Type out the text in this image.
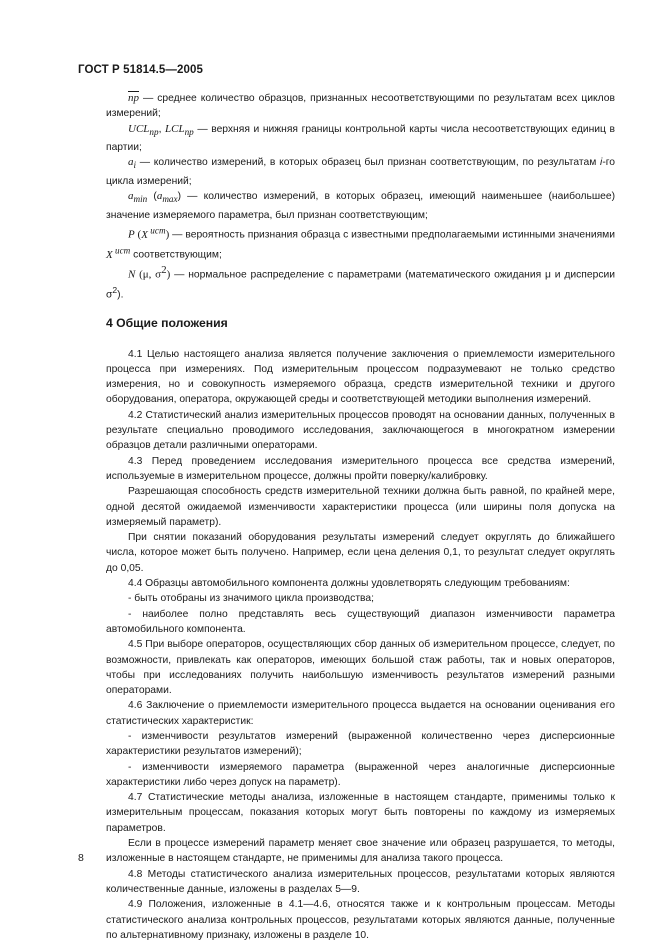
ГОСТ Р 51814.5—2005

$\overline{np}$ — среднее количество образцов, признанных несоответствующими по результатам всех циклов измерений;

$UCL_{np}$, $LCL_{np}$ — верхняя и нижняя границы контрольной карты числа несоответствующих единиц в партии;

$a_i$ — количество измерений, в которых образец был признан соответствующим, по результатам i-го цикла измерений;

$a_{min}$ $(a_{max})$ — количество измерений, в которых образец, имеющий наименьшее (наибольшее) значение измеряемого параметра, был признан соответствующим;

P (X $^{ист}$) — вероятность признания образца с известными предполагаемыми истинными значениями X $^{ист}$ соответствующим;

N (μ, $\sigma^2$) — нормальное распределение с параметрами (математического ожидания μ и дисперсии $\sigma^2$).

4 Общие положения

4.1 Целью настоящего анализа является получение заключения о приемлемости измерительного процесса при измерениях. Под измерительным процессом подразумевают не только средство измерения, но и совокупность измеряемого образца, средств измерительной техники и другого оборудования, оператора, окружающей среды и соответствующей методики выполнения измерений.

4.2 Статистический анализ измерительных процессов проводят на основании данных, полученных в результате специально проводимого исследования, заключающегося в многократном измерении образцов детали различными операторами.

4.3 Перед проведением исследования измерительного процесса все средства измерений, используемые в измерительном процессе, должны пройти поверку/калибровку.

Разрешающая способность средств измерительной техники должна быть равной, по крайней мере, одной десятой ожидаемой изменчивости характеристики процесса (или ширины поля допуска на измеряемый параметр).

При снятии показаний оборудования результаты измерений следует округлять до ближайшего числа, которое может быть получено. Например, если цена деления 0,1, то результат следует округлять до 0,05.

4.4 Образцы автомобильного компонента должны удовлетворять следующим требованиям:

- быть отобраны из значимого цикла производства;

- наиболее полно представлять весь существующий диапазон изменчивости параметра автомобильного компонента.

4.5 При выборе операторов, осуществляющих сбор данных об измерительном процессе, следует, по возможности, привлекать как операторов, имеющих большой стаж работы, так и новых операторов, чтобы при исследованиях получить наибольшую изменчивость результатов измерений разными операторами.

4.6 Заключение о приемлемости измерительного процесса выдается на основании оценивания его статистических характеристик:

- изменчивости результатов измерений (выраженной количественно через дисперсионные характеристики результатов измерений);

- изменчивости измеряемого параметра (выраженной через аналогичные дисперсионные характеристики либо через допуск на параметр).

4.7 Статистические методы анализа, изложенные в настоящем стандарте, применимы только к измерительным процессам, показания которых могут быть повторены по каждому из измеряемых параметров.

Если в процессе измерений параметр меняет свое значение или образец разрушается, то методы, изложенные в настоящем стандарте, не применимы для анализа такого процесса.

4.8 Методы статистического анализа измерительных процессов, результатами которых являются количественные данные, изложены в разделах 5—9.

4.9 Положения, изложенные в 4.1—4.6, относятся также и к контрольным процессам. Методы статистического анализа контрольных процессов, результатами которых являются данные, полученные по альтернативному признаку, изложены в разделе 10.

8
